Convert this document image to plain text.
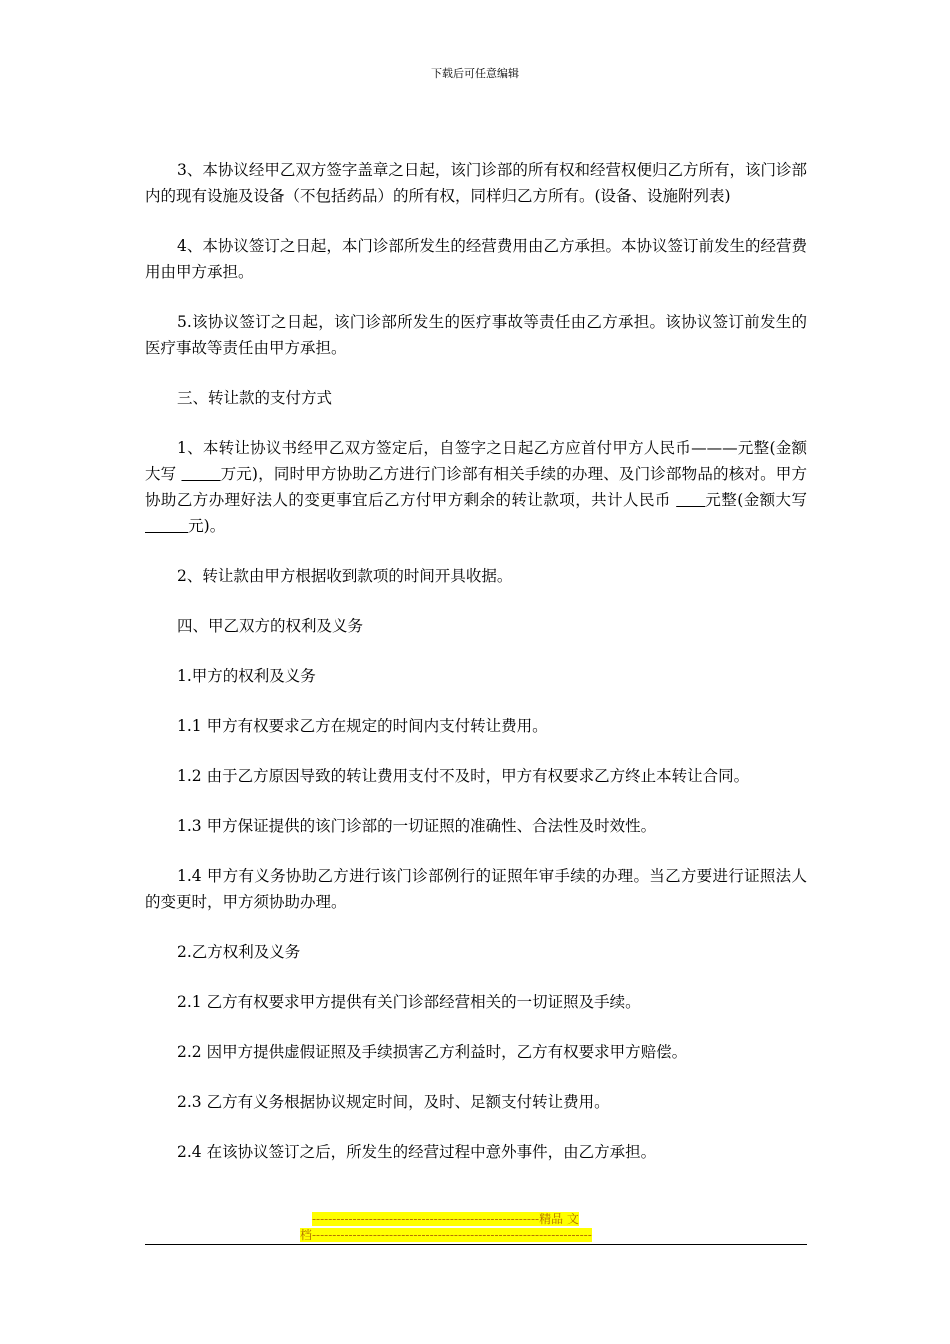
下载后可任意编辑

3、本协议经甲乙双方签字盖章之日起，该门诊部的所有权和经营权便归乙方所有，该门诊部内的现有设施及设备（不包括药品）的所有权，同样归乙方所有。(设备、设施附列表)

4、本协议签订之日起，本门诊部所发生的经营费用由乙方承担。本协议签订前发生的经营费用由甲方承担。

5.该协议签订之日起，该门诊部所发生的医疗事故等责任由乙方承担。该协议签订前发生的医疗事故等责任由甲方承担。

三、转让款的支付方式

1、本转让协议书经甲乙双方签定后，自签字之日起乙方应首付甲方人民币———元整(金额大写	万元)，同时甲方协助乙方进行门诊部有相关手续的办理、及门诊部物品的核对。甲方协助乙方办理好法人的变更事宜后乙方付甲方剩余的转让款项，共计人民币      元整(金额大写         元)。

2、转让款由甲方根据收到款项的时间开具收据。

四、甲乙双方的权利及义务

1.甲方的权利及义务

1.1 甲方有权要求乙方在规定的时间内支付转让费用。

1.2 由于乙方原因导致的转让费用支付不及时，甲方有权要求乙方终止本转让合同。

1.3 甲方保证提供的该门诊部的一切证照的准确性、合法性及时效性。

1.4 甲方有义务协助乙方进行该门诊部例行的证照年审手续的办理。当乙方要进行证照法人的变更时，甲方须协助办理。

2.乙方权利及义务

2.1 乙方有权要求甲方提供有关门诊部经营相关的一切证照及手续。

2.2 因甲方提供虚假证照及手续损害乙方利益时，乙方有权要求甲方赔偿。

2.3 乙方有义务根据协议规定时间，及时、足额支付转让费用。

2.4 在该协议签订之后，所发生的经营过程中意外事件，由乙方承担。

--------------------------------------------------------精品 文
档---------------------------------------------------------------------
